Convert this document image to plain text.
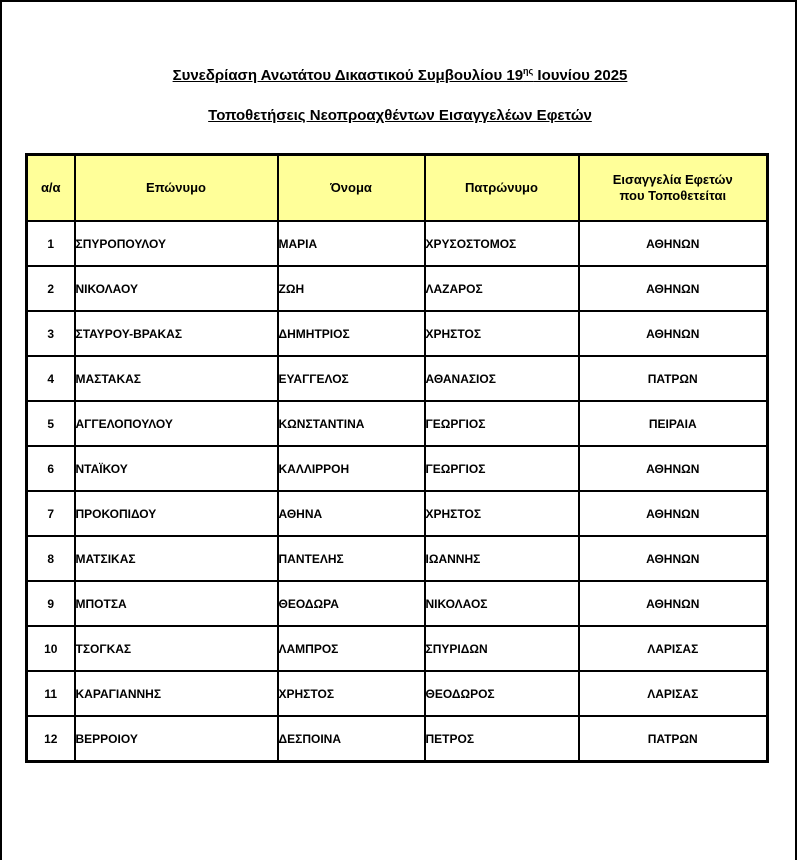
Συνεδρίαση Ανωτάτου Δικαστικού Συμβουλίου $19^{\eta\varsigma}$ Ιουνίου 2025
Τοποθετήσεις Νεοπροαχθέντων Εισαγγελέων Εφετών
α/α	Επώνυμο	Όνομα	Πατρώνυμο	Εισαγγελία Εφετών
που Τοποθετείται
1	ΣΠΥΡΟΠΟΥΛΟΥ	ΜΑΡΙΑ	ΧΡΥΣΟΣΤΟΜΟΣ	ΑΘΗΝΩΝ
2	ΝΙΚΟΛΑΟΥ	ΖΩΗ	ΛΑΖΑΡΟΣ	ΑΘΗΝΩΝ
3	ΣΤΑΥΡΟΥ-ΒΡΑΚΑΣ	ΔΗΜΗΤΡΙΟΣ	ΧΡΗΣΤΟΣ	ΑΘΗΝΩΝ
4	ΜΑΣΤΑΚΑΣ	ΕΥΑΓΓΕΛΟΣ	ΑΘΑΝΑΣΙΟΣ	ΠΑΤΡΩΝ
5	ΑΓΓΕΛΟΠΟΥΛΟΥ	ΚΩΝΣΤΑΝΤΙΝΑ	ΓΕΩΡΓΙΟΣ	ΠΕΙΡΑΙΑ
6	ΝΤΑΪΚΟΥ	ΚΑΛΛΙΡΡΟΗ	ΓΕΩΡΓΙΟΣ	ΑΘΗΝΩΝ
7	ΠΡΟΚΟΠΙΔΟΥ	ΑΘΗΝΑ	ΧΡΗΣΤΟΣ	ΑΘΗΝΩΝ
8	ΜΑΤΣΙΚΑΣ	ΠΑΝΤΕΛΗΣ	ΙΩΑΝΝΗΣ	ΑΘΗΝΩΝ
9	ΜΠΟΤΣΑ	ΘΕΟΔΩΡΑ	ΝΙΚΟΛΑΟΣ	ΑΘΗΝΩΝ
10	ΤΣΟΓΚΑΣ	ΛΑΜΠΡΟΣ	ΣΠΥΡΙΔΩΝ	ΛΑΡΙΣΑΣ
11	ΚΑΡΑΓΙΑΝΝΗΣ	ΧΡΗΣΤΟΣ	ΘΕΟΔΩΡΟΣ	ΛΑΡΙΣΑΣ
12	ΒΕΡΡΟΙΟΥ	ΔΕΣΠΟΙΝΑ	ΠΕΤΡΟΣ	ΠΑΤΡΩΝ
